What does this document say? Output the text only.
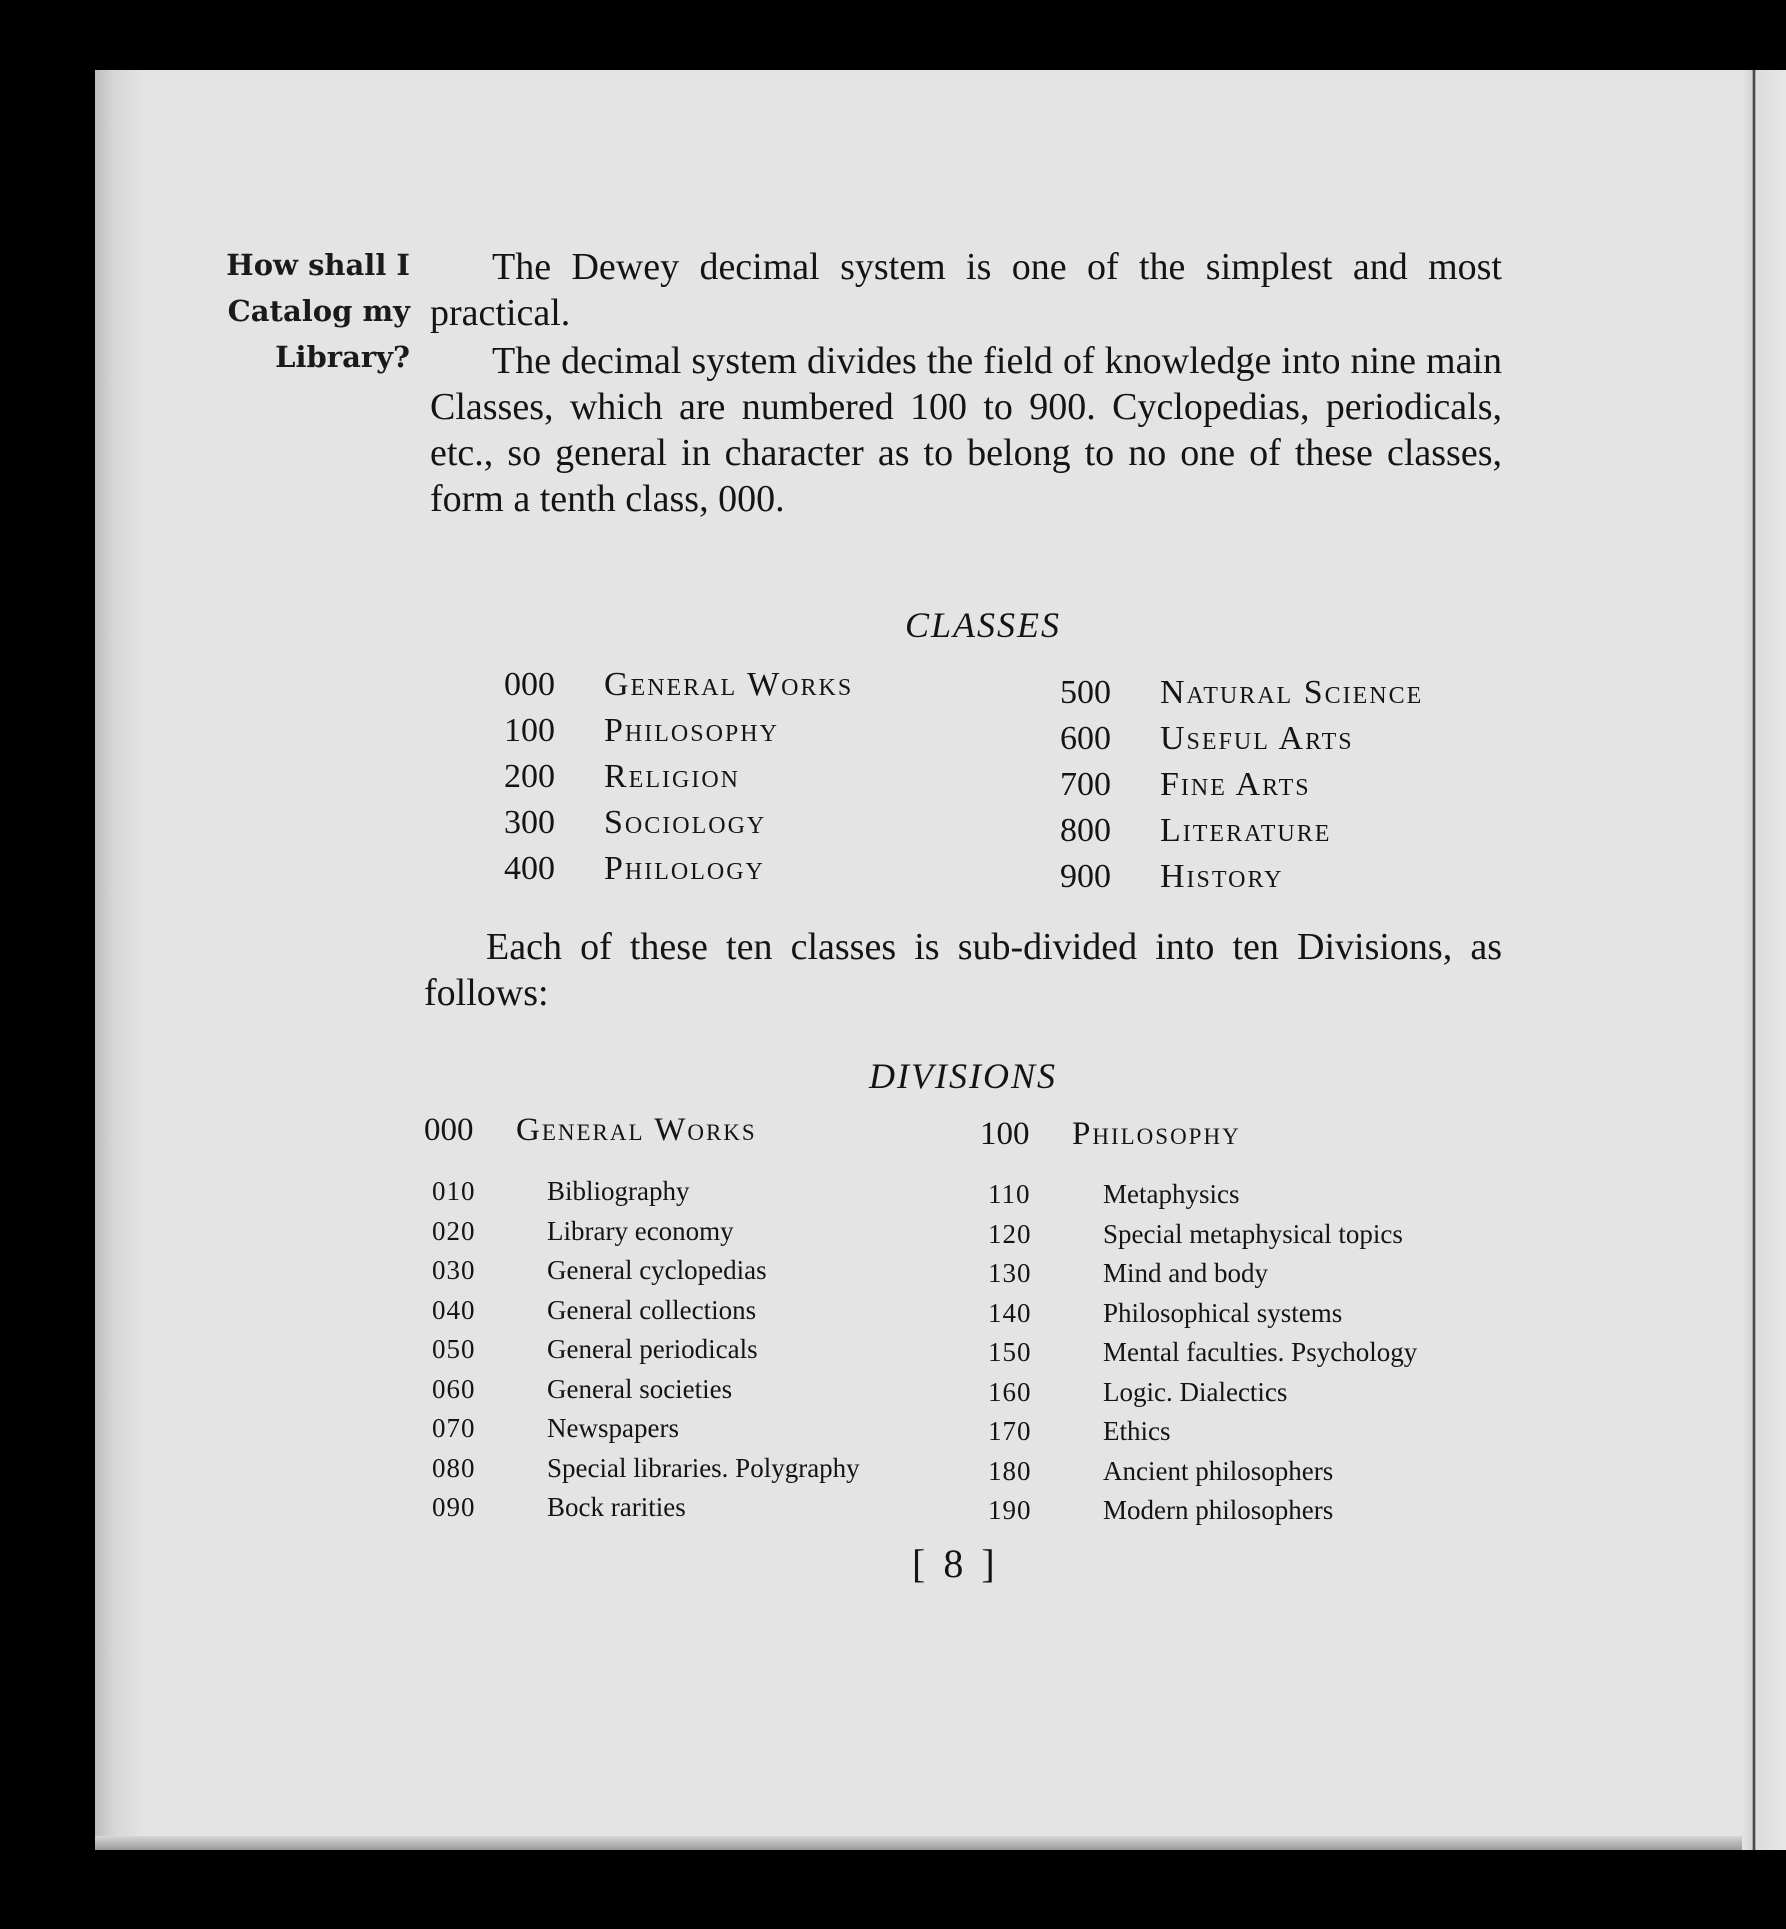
How shall I
Catalog my
Library?

The Dewey decimal system is one of the simplest and most practical.

The decimal system divides the field of knowledge into nine main Classes, which are numbered 100 to 900. Cyclopedias, periodicals, etc., so general in character as to belong to no one of these classes, form a tenth class, 000.

CLASSES
000 General Works
100 Philosophy
200 Religion
300 Sociology
400 Philology
500 Natural Science
600 Useful Arts
700 Fine Arts
800 Literature
900 History

Each of these ten classes is sub-divided into ten Divisions, as follows:

DIVISIONS
000 General Works	100 Philosophy
010	Bibliography
020	Library economy
030	General cyclopedias
040	General collections
050	General periodicals
060	General societies
070	Newspapers
080	Special libraries. Polygraphy
090	Bock rarities
110	Metaphysics
120	Special metaphysical topics
130	Mind and body
140	Philosophical systems
150	Mental faculties. Psychology
160	Logic. Dialectics
170	Ethics
180	Ancient philosophers
190	Modern philosophers
[ 8 ]
